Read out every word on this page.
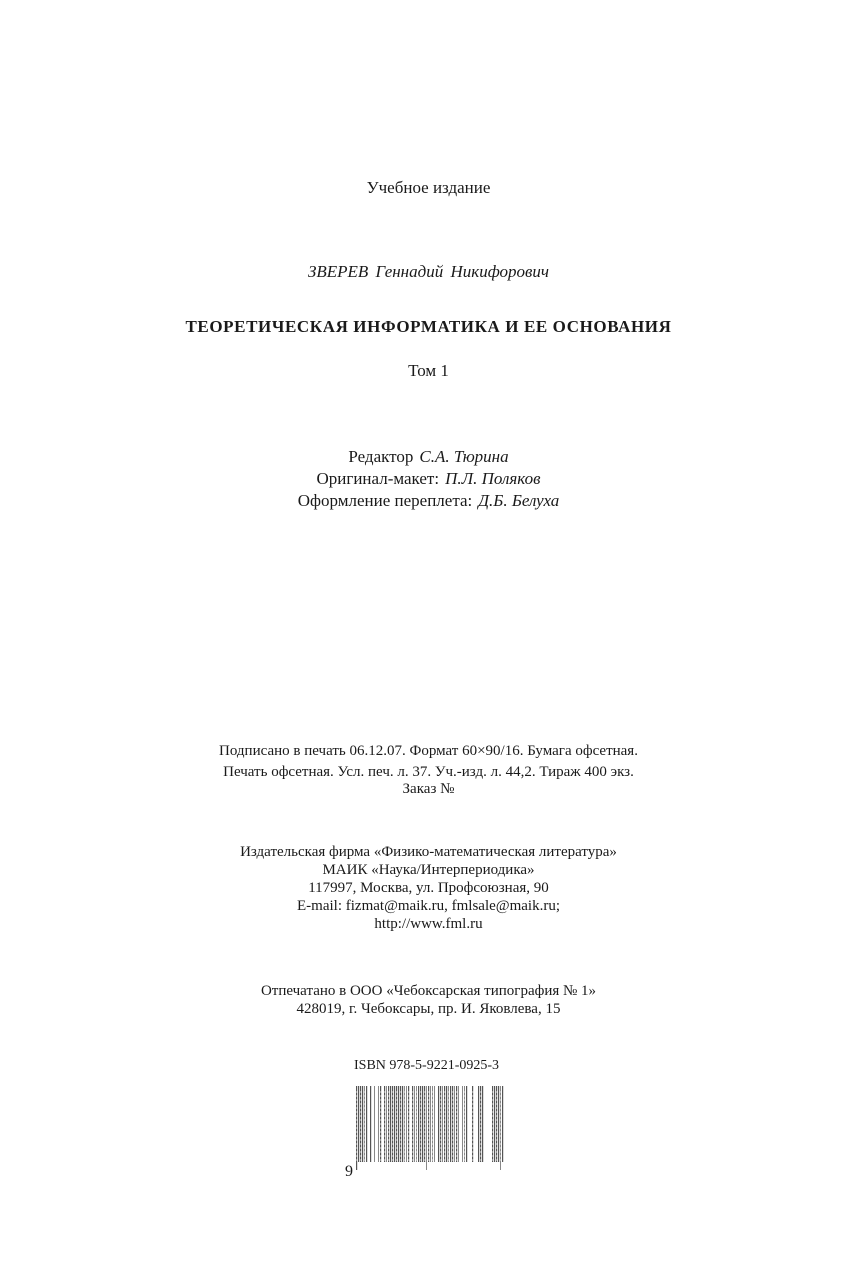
Учебное издание
ЗВЕРЕВ Геннадий Никифорович
ТЕОРЕТИЧЕСКАЯ ИНФОРМАТИКА И ЕЕ ОСНОВАНИЯ
Том 1
Редактор С.А. Тюрина
Оригинал-макет: П.Л. Поляков
Оформление переплета: Д.Б. Белуха
Подписано в печать 06.12.07. Формат 60×90/16. Бумага офсетная.
Печать офсетная. Усл. печ. л. 37. Уч.-изд. л. 44,2. Тираж 400 экз.
Заказ №
Издательская фирма «Физико-математическая литература»
МАИК «Наука/Интерпериодика»
117997, Москва, ул. Профсоюзная, 90
E-mail: fizmat@maik.ru, fmlsale@maik.ru;
http://www.fml.ru
Отпечатано в ООО «Чебоксарская типография № 1»
428019, г. Чебоксары, пр. И. Яковлева, 15
ISBN 978-5-9221-0925-3
9
